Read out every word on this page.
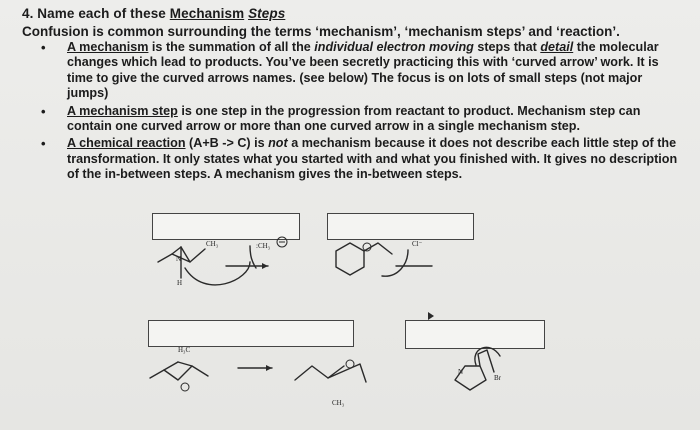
4. Name each of these Mechanism Steps
Confusion is common surrounding the terms ‘mechanism’, ‘mechanism steps’ and ‘reaction’.
• A mechanism is the summation of all the individual electron moving steps that detail the molecular changes which lead to products. You’ve been secretly practicing this with ‘curved arrow’ work. It is time to give the curved arrows names. (see below) The focus is on lots of small steps (not major jumps)
• A mechanism step is one step in the progression from reactant to product. Mechanism step can contain one curved arrow or more than one curved arrow in a single mechanism step.
• A chemical reaction (A+B -> C) is not a mechanism because it does not describe each little step of the transformation. It only states what you started with and what you finished with. It gives no description of the in-between steps. A mechanism gives the in-between steps.
CH₃
N
H
:CH₃	Cl⁻
H₃C
CH₃
N
Br
